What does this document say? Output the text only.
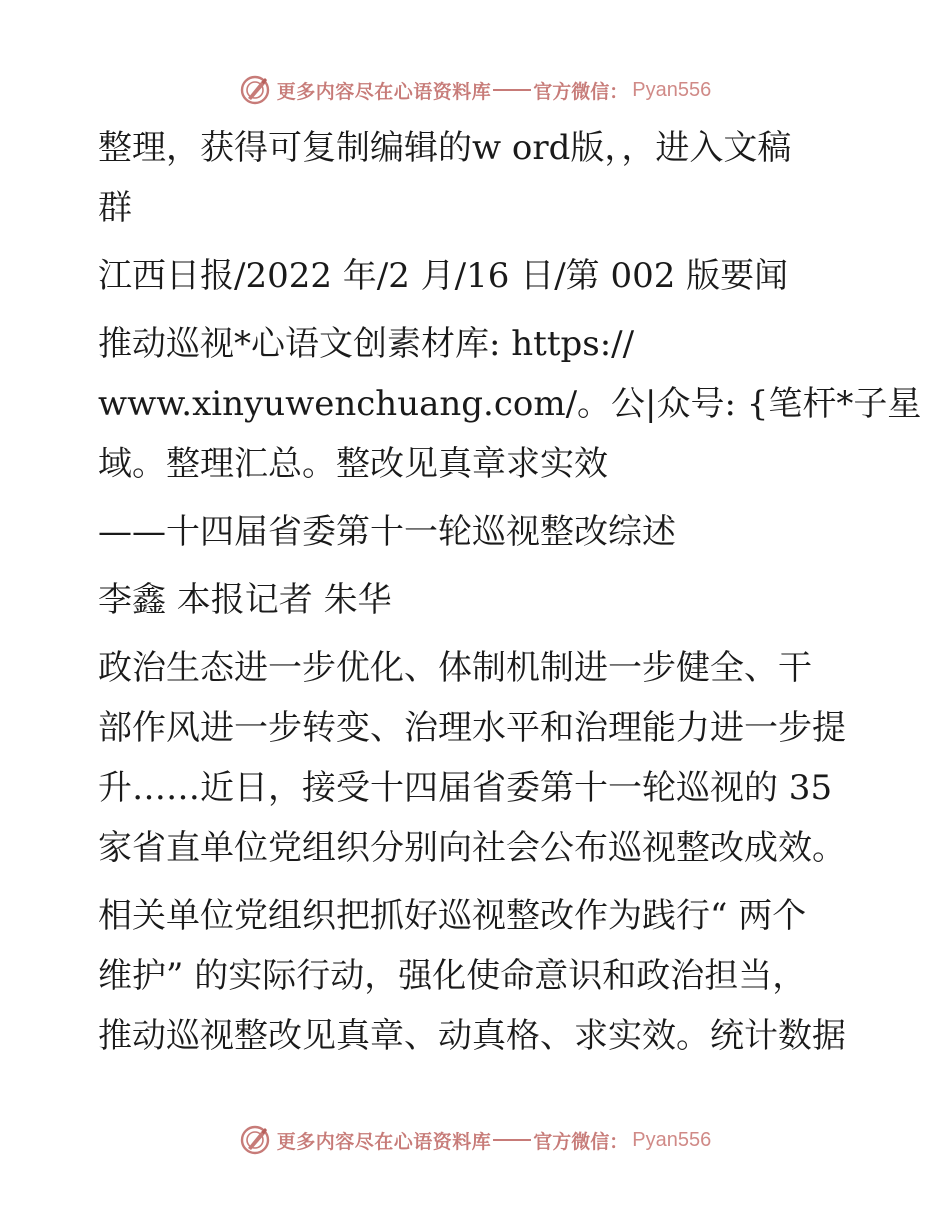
更多内容尽在心语资料库 官方微信： Pyan556
整理，获得可复制编辑的w ord版，，进入文稿
群
江西日报/2022 年/2 月/16 日/第 002 版要闻
推动巡视*心语文创素材库: https://
www.xinyuwenchuang.com/。公|众号: {笔杆*子星
域。整理汇总。整改见真章求实效
——十四届省委第十一轮巡视整改综述
李鑫 本报记者 朱华
政治生态进一步优化、体制机制进一步健全、干
部作风进一步转变、治理水平和治理能力进一步提
升……近日，接受十四届省委第十一轮巡视的 35
家省直单位党组织分别向社会公布巡视整改成效。
相关单位党组织把抓好巡视整改作为践行“ 两个
维护” 的实际行动，强化使命意识和政治担当，
推动巡视整改见真章、动真格、求实效。统计数据
更多内容尽在心语资料库 官方微信： Pyan556
